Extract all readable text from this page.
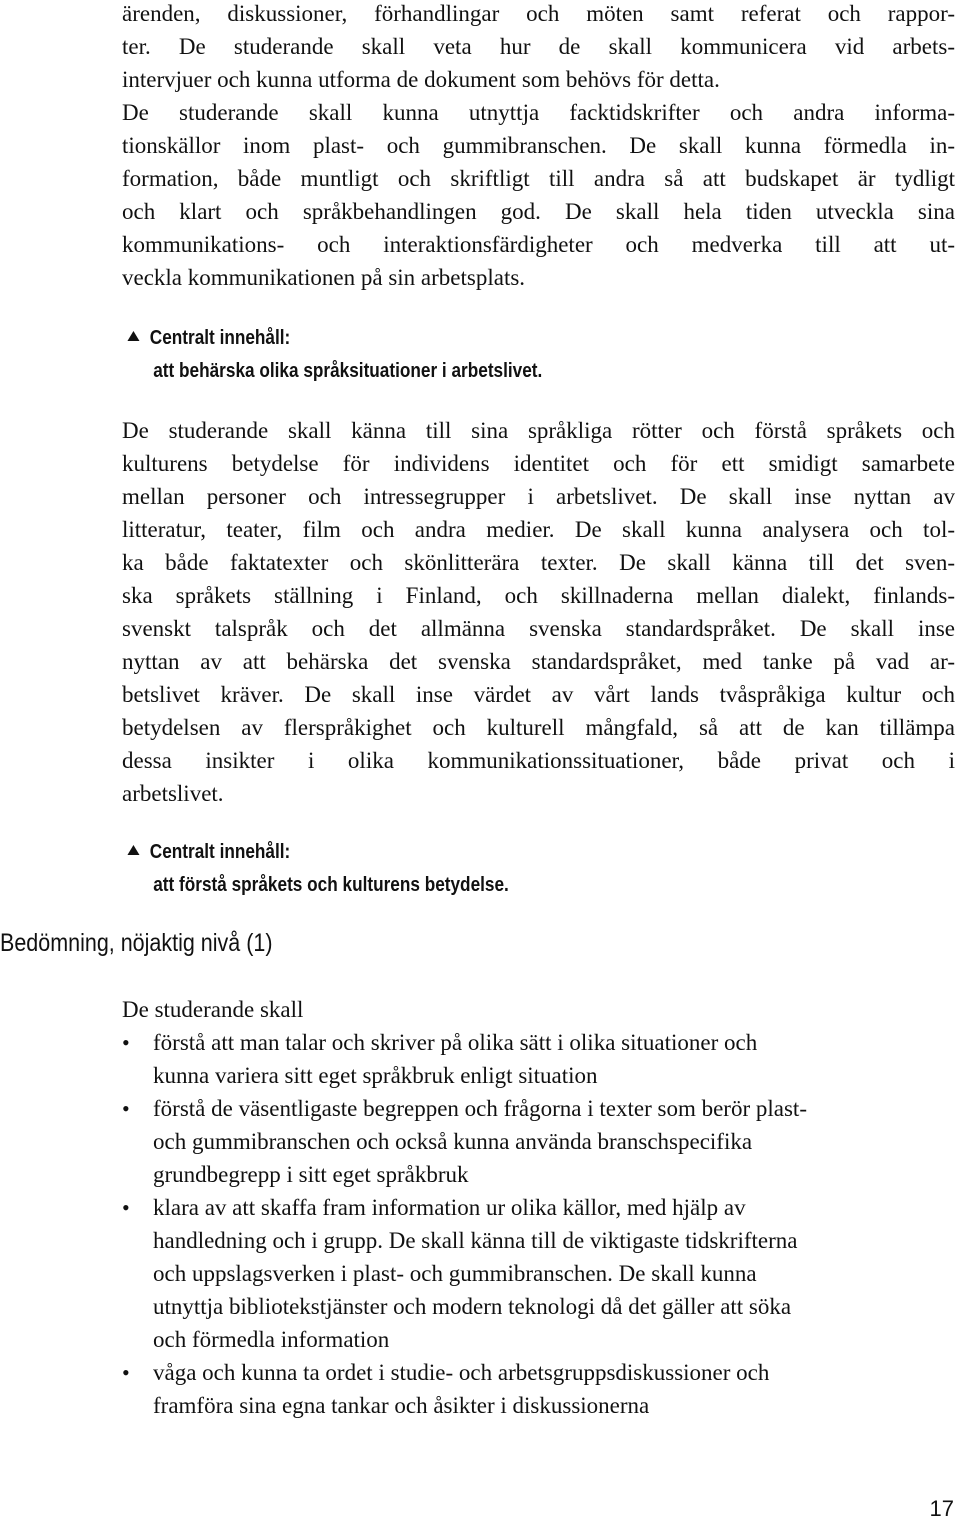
ärenden, diskussioner, förhandlingar och möten samt referat och rappor-
ter. De studerande skall veta hur de skall kommunicera vid arbets-
intervjuer och kunna utforma de dokument som behövs för detta.
De studerande skall kunna utnyttja facktidskrifter och andra informa-
tionskällor inom plast- och gummibranschen. De skall kunna förmedla in-
formation, både muntligt och skriftligt till andra så att budskapet är tydligt
och klart och språkbehandlingen god. De skall hela tiden utveckla sina
kommunikations- och interaktionsfärdigheter och medverka till att ut-
veckla kommunikationen på sin arbetsplats.
Centralt innehåll:
att behärska olika språksituationer i arbetslivet.
De studerande skall känna till sina språkliga rötter och förstå språkets och
kulturens betydelse för individens identitet och för ett smidigt samarbete
mellan personer och intressegrupper i arbetslivet. De skall inse nyttan av
litteratur, teater, film och andra medier. De skall kunna analysera och tol-
ka både faktatexter och skönlitterära texter. De skall känna till det sven-
ska språkets ställning i Finland, och skillnaderna mellan dialekt, finlands-
svenskt talspråk och det allmänna svenska standardspråket. De skall inse
nyttan av att behärska det svenska standardspråket, med tanke på vad ar-
betslivet kräver. De skall inse värdet av vårt lands tvåspråkiga kultur och
betydelsen av flerspråkighet och kulturell mångfald, så att de kan tillämpa
dessa insikter i olika kommunikationssituationer, både privat och i
arbetslivet.
Centralt innehåll:
att förstå språkets och kulturens betydelse.
Bedömning, nöjaktig nivå (1)
De studerande skall
• förstå att man talar och skriver på olika sätt i olika situationer och
kunna variera sitt eget språkbruk enligt situation
• förstå de väsentligaste begreppen och frågorna i texter som berör plast-
och gummibranschen och också kunna använda branschspecifika
grundbegrepp i sitt eget språkbruk
• klara av att skaffa fram information ur olika källor, med hjälp av
handledning och i grupp. De skall känna till de viktigaste tidskrifterna
och uppslagsverken i plast- och gummibranschen. De skall kunna
utnyttja bibliotekstjänster och modern teknologi då det gäller att söka
och förmedla information
• våga och kunna ta ordet i studie- och arbetsgruppsdiskussioner och
framföra sina egna tankar och åsikter i diskussionerna
17
